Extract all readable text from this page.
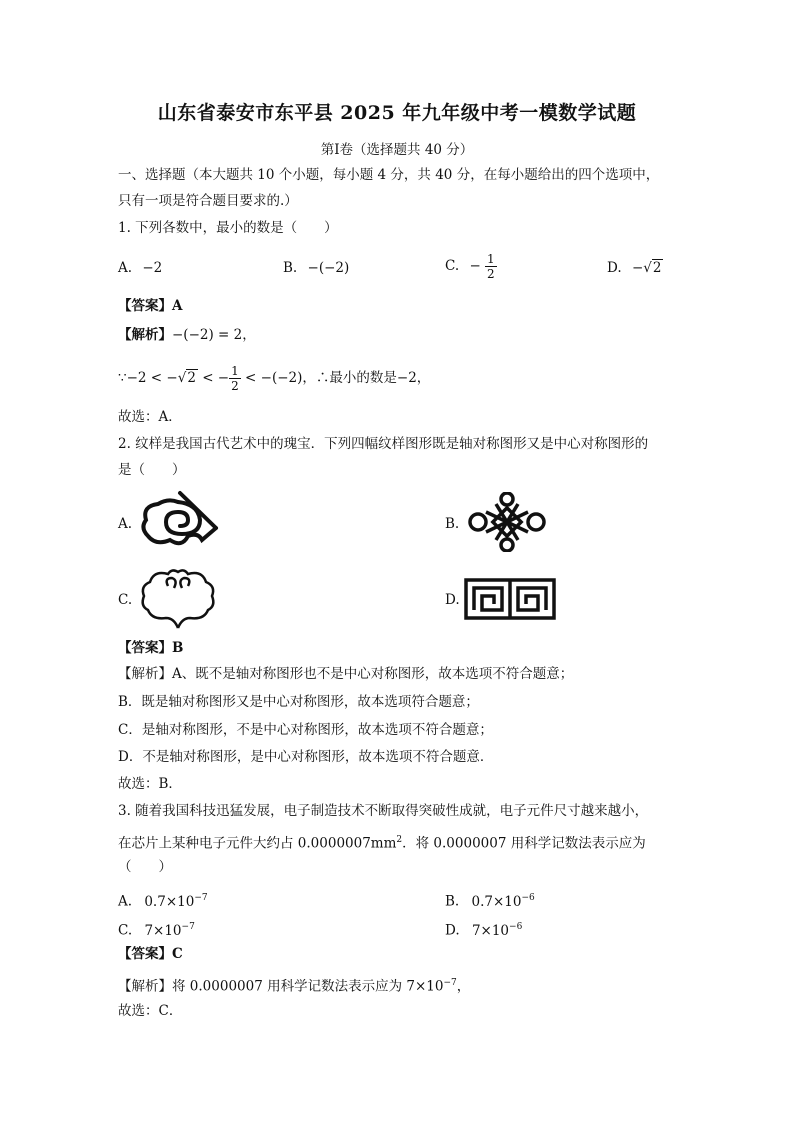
山东省泰安市东平县 2025 年九年级中考一模数学试题
第Ⅰ卷（选择题共 40 分）
一、选择题（本大题共 10 个小题，每小题 4 分，共 40 分，在每小题给出的四个选项中，
只有一项是符合题目要求的.）
1. 下列各数中，最小的数是（　　）
A. −2	B. −(−2)	C. − $\frac{1}{2}$	D. −√2
【答案】A
【解析】−(−2) = 2，
∵−2 < −√2 < − $\frac{1}{2} < -(-2)$，∴最小的数是−2，
故选：A．
2. 纹样是我国古代艺术中的瑰宝．下列四幅纹样图形既是轴对称图形又是中心对称图形的
是（　　）
A.	B.
C.	D.
【答案】B
【解析】A、既不是轴对称图形也不是中心对称图形，故本选项不符合题意；
B．既是轴对称图形又是中心对称图形，故本选项符合题意；
C．是轴对称图形，不是中心对称图形，故本选项不符合题意；
D．不是轴对称图形，是中心对称图形，故本选项不符合题意．
故选：B．
3. 随着我国科技迅猛发展，电子制造技术不断取得突破性成就，电子元件尺寸越来越小，
在芯片上某种电子元件大约占 $0.0000007mm^2$．将 0.0000007 用科学记数法表示应为
（　　）
A. $0.7\times 10^{-7}$	B. $0.7\times 10^{-6}$
C. $7\times 10^{-7}$	D. $7\times 10^{-6}$
【答案】C
【解析】将 0.0000007 用科学记数法表示应为 $7\times 10^{-7}$，
故选：C．
